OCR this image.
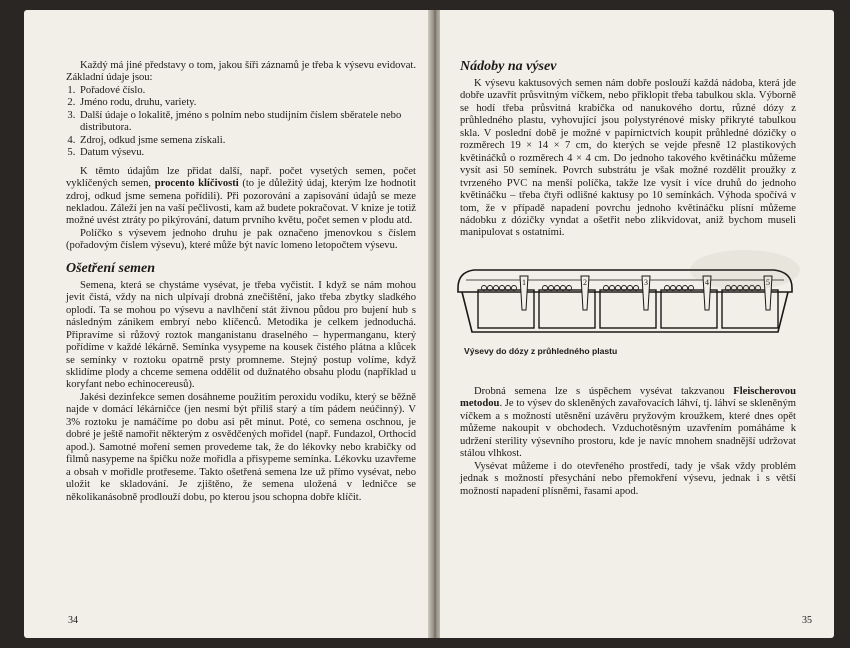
Každý má jiné představy o tom, jakou šíři záznamů je třeba k výsevu evidovat. Základní údaje jsou:

1. Pořadové číslo.
2. Jméno rodu, druhu, variety.
3. Další údaje o lokalitě, jméno s polním nebo studijním číslem sběratele nebo distributora.
4. Zdroj, odkud jsme semena získali.
5. Datum výsevu.

K těmto údajům lze přidat další, např. počet vysetých semen, počet vyklíčených semen, procento klíčivosti (to je důležitý údaj, kterým lze hodnotit zdroj, odkud jsme semena pořídili). Při pozorování a zapisování údajů se meze nekladou. Záleží jen na vaší pečlivosti, kam až budete pokračovat. V knize je totiž možné uvést ztráty po pikýrování, datum prvního květu, počet semen v plodu atd.

Políčko s výsevem jednoho druhu je pak označeno jmenovkou s číslem (pořadovým číslem výsevu), které může být navíc lomeno letopočtem výsevu.

Ošetření semen

Semena, která se chystáme vysévat, je třeba vyčistit. I když se nám mohou jevit čistá, vždy na nich ulpívají drobná znečištění, jako třeba zbytky sladkého oplodí. Ta se mohou po výsevu a navlhčení stát živnou půdou pro bujení hub s následným zánikem embryí nebo klíčenců. Metodika je celkem jednoduchá. Připravíme si růžový roztok manganistanu draselného – hypermanganu, který pořídíme v každé lékárně. Semínka vysypeme na kousek čistého plátna a klůcek se semínky v roztoku opatrně prsty promneme. Stejný postup volíme, když sklidíme plody a chceme semena oddělit od dužnatého obsahu plodu (například u koryfant nebo echinocereusů).

Jakési dezinfekce semen dosáhneme použitím peroxidu vodíku, který se běžně najde v domácí lékárničce (jen nesmí být příliš starý a tím pádem neúčinný). V 3% roztoku je namáčíme po dobu asi pět minut. Poté, co semena oschnou, je dobré je ještě namořit některým z osvědčených mořidel (např. Fundazol, Orthocid apod.). Samotné moření semen provedeme tak, že do lékovky nebo krabičky od filmů nasypeme na špičku nože mořidla a přisypeme semínka. Lékovku uzavřeme a obsah v mořidle protřeseme. Takto ošetřená semena lze už přímo vysévat, nebo uložit ke skladování. Je zjištěno, že semena uložená v ledničce se několikanásobně prodlouží dobu, po kterou jsou schopna dobře klíčit.

34
Nádoby na výsev

K výsevu kaktusových semen nám dobře poslouží každá nádoba, která jde dobře uzavřít průsvitným víčkem, nebo přiklopit třeba tabulkou skla. Výborně se hodí třeba průsvitná krabička od nanukového dortu, různé dózy z průhledného plastu, vyhovující jsou polystyrénové misky přikryté tabulkou skla. V poslední době je možné v papírnictvích koupit průhledné dózičky o rozměrech 19 × 14 × 7 cm, do kterých se vejde přesně 12 plastikových květináčků o rozměrech 4 × 4 cm. Do jednoho takového květináčku můžeme vysít asi 50 semínek. Povrch substrátu je však možné rozdělit proužky z tvrzeného PVC na menší políčka, takže lze vysít i více druhů do jednoho květináčku – třeba čtyři odlišné kaktusy po 10 semínkách. Výhoda spočívá v tom, že v případě napadení povrchu jednoho květináčku plísní můžeme nádobku z dózičky vyndat a ošetřit nebo zlikvidovat, aniž bychom museli manipulovat s ostatními.

1	2	3	4	5
Výsevy do dózy z průhledného plastu

Drobná semena lze s úspěchem vysévat takzvanou Fleischerovou metodou. Je to výsev do skleněných zavařovacích láhví, tj. láhví se skleněným víčkem a s možností utěsnění uzávěru pryžovým kroužkem, které dnes opět můžeme nakoupit v obchodech. Vzduchotěsným uzavřením pomáháme k udržení sterility výsevního prostoru, kde je navíc mnohem snadnější udržovat stálou vlhkost.

Vysévat můžeme i do otevřeného prostředí, tady je však vždy problém jednak s možností přesychání nebo přemokření výsevu, jednak i s větší možností napadení plísněmi, řasami apod.

35
